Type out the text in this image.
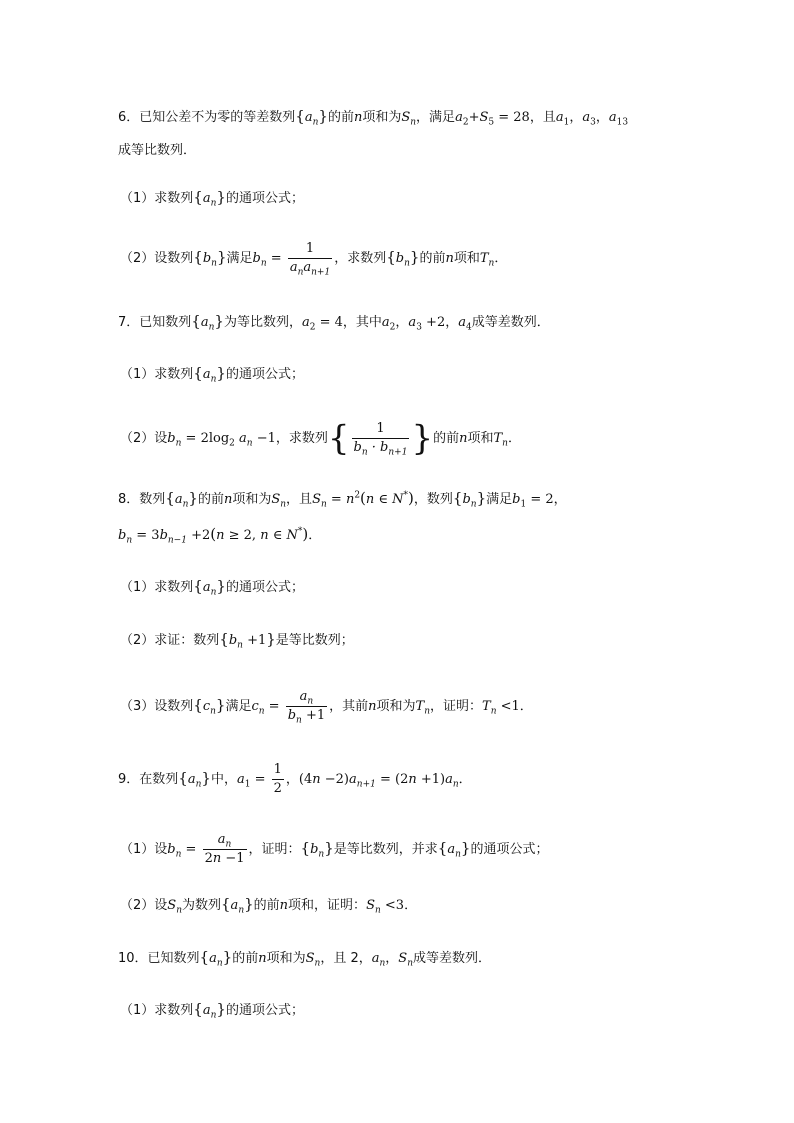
6．已知公差不为零的等差数列$\{a_n\}$的前n项和为$S_n$，满足$a_2+S_5 = 28$，且$a_1$，$a_3$，$a_{13}$
成等比数列．
（1）求数列$\{a_n\}$的通项公式；
（2）设数列$\{b_n\}$满足$b_n = \frac{1}{a_na_{n+1}}$ ，求数列$\{b_n\}$的前n项和$T_n$．
7．已知数列$\{a_n\}$为等比数列，$a_2 = 4$，其中$a_2$，$a_3 +2$，$a_4$成等差数列．
（1）求数列$\{a_n\}$的通项公式；
（2）设$b_n = 2\log_2$ $a_n -1$，求数列{ $\frac{1}{b_n \cdot b_{n+1}}$ }的前n项和$T_n$．
8．数列$\{a_n\}$的前n项和为$S_n$，且$S_n = n^2(n$ ∈ N*)，数列$\{b_n\}$满足$b_1 = 2$，
$b_n = 3b_{n-1} +2(n \ge 2$, n ∈ N*)．
（1）求数列$\{a_n\}$的通项公式；
（2）求证：数列$\{b_n +1\}$是等比数列；
（3）设数列$\{c_n\}$满足$c_n = \frac{a_n}{b_n +1}$ ，其前n项和为$T_n$，证明：$T_n <1$．
9．在数列$\{a_n\}$中，$a_1 = \frac{1}{2}$ ，$(4n -2)a_{n+1} = (2n +1)a_n$．
（1）设$b_n = \frac{a_n}{2n -1}$ ，证明：$\{b_n\}$是等比数列，并求$\{a_n\}$的通项公式；
（2）设$S_n$为数列$\{a_n\}$的前n项和，证明：$S_n <3$．
10．已知数列$\{a_n\}$的前n项和为$S_n$，且 2，$a_n$，$S_n$成等差数列．
（1）求数列$\{a_n\}$的通项公式；
